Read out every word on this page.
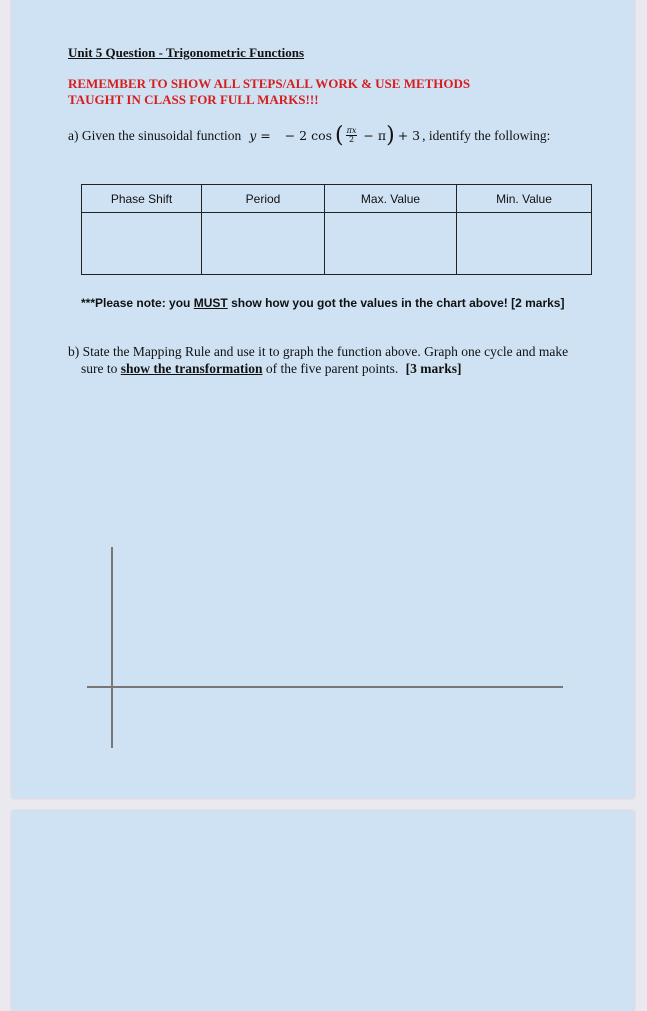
Unit 5 Question - Trigonometric Functions
REMEMBER TO SHOW ALL STEPS/ALL WORK & USE METHODS
TAUGHT IN CLASS FOR FULL MARKS!!!
a) Given the sinusoidal function y = − 2 cos ( $\frac{\pi x}{2} - \pi$ ) + 3 , identify the following:
Phase Shift	Period	Max. Value	Min. Value

***Please note: you MUST show how you got the values in the chart above! [2 marks]
b) State the Mapping Rule and use it to graph the function above. Graph one cycle and make
sure to show the transformation of the five parent points. [3 marks]
